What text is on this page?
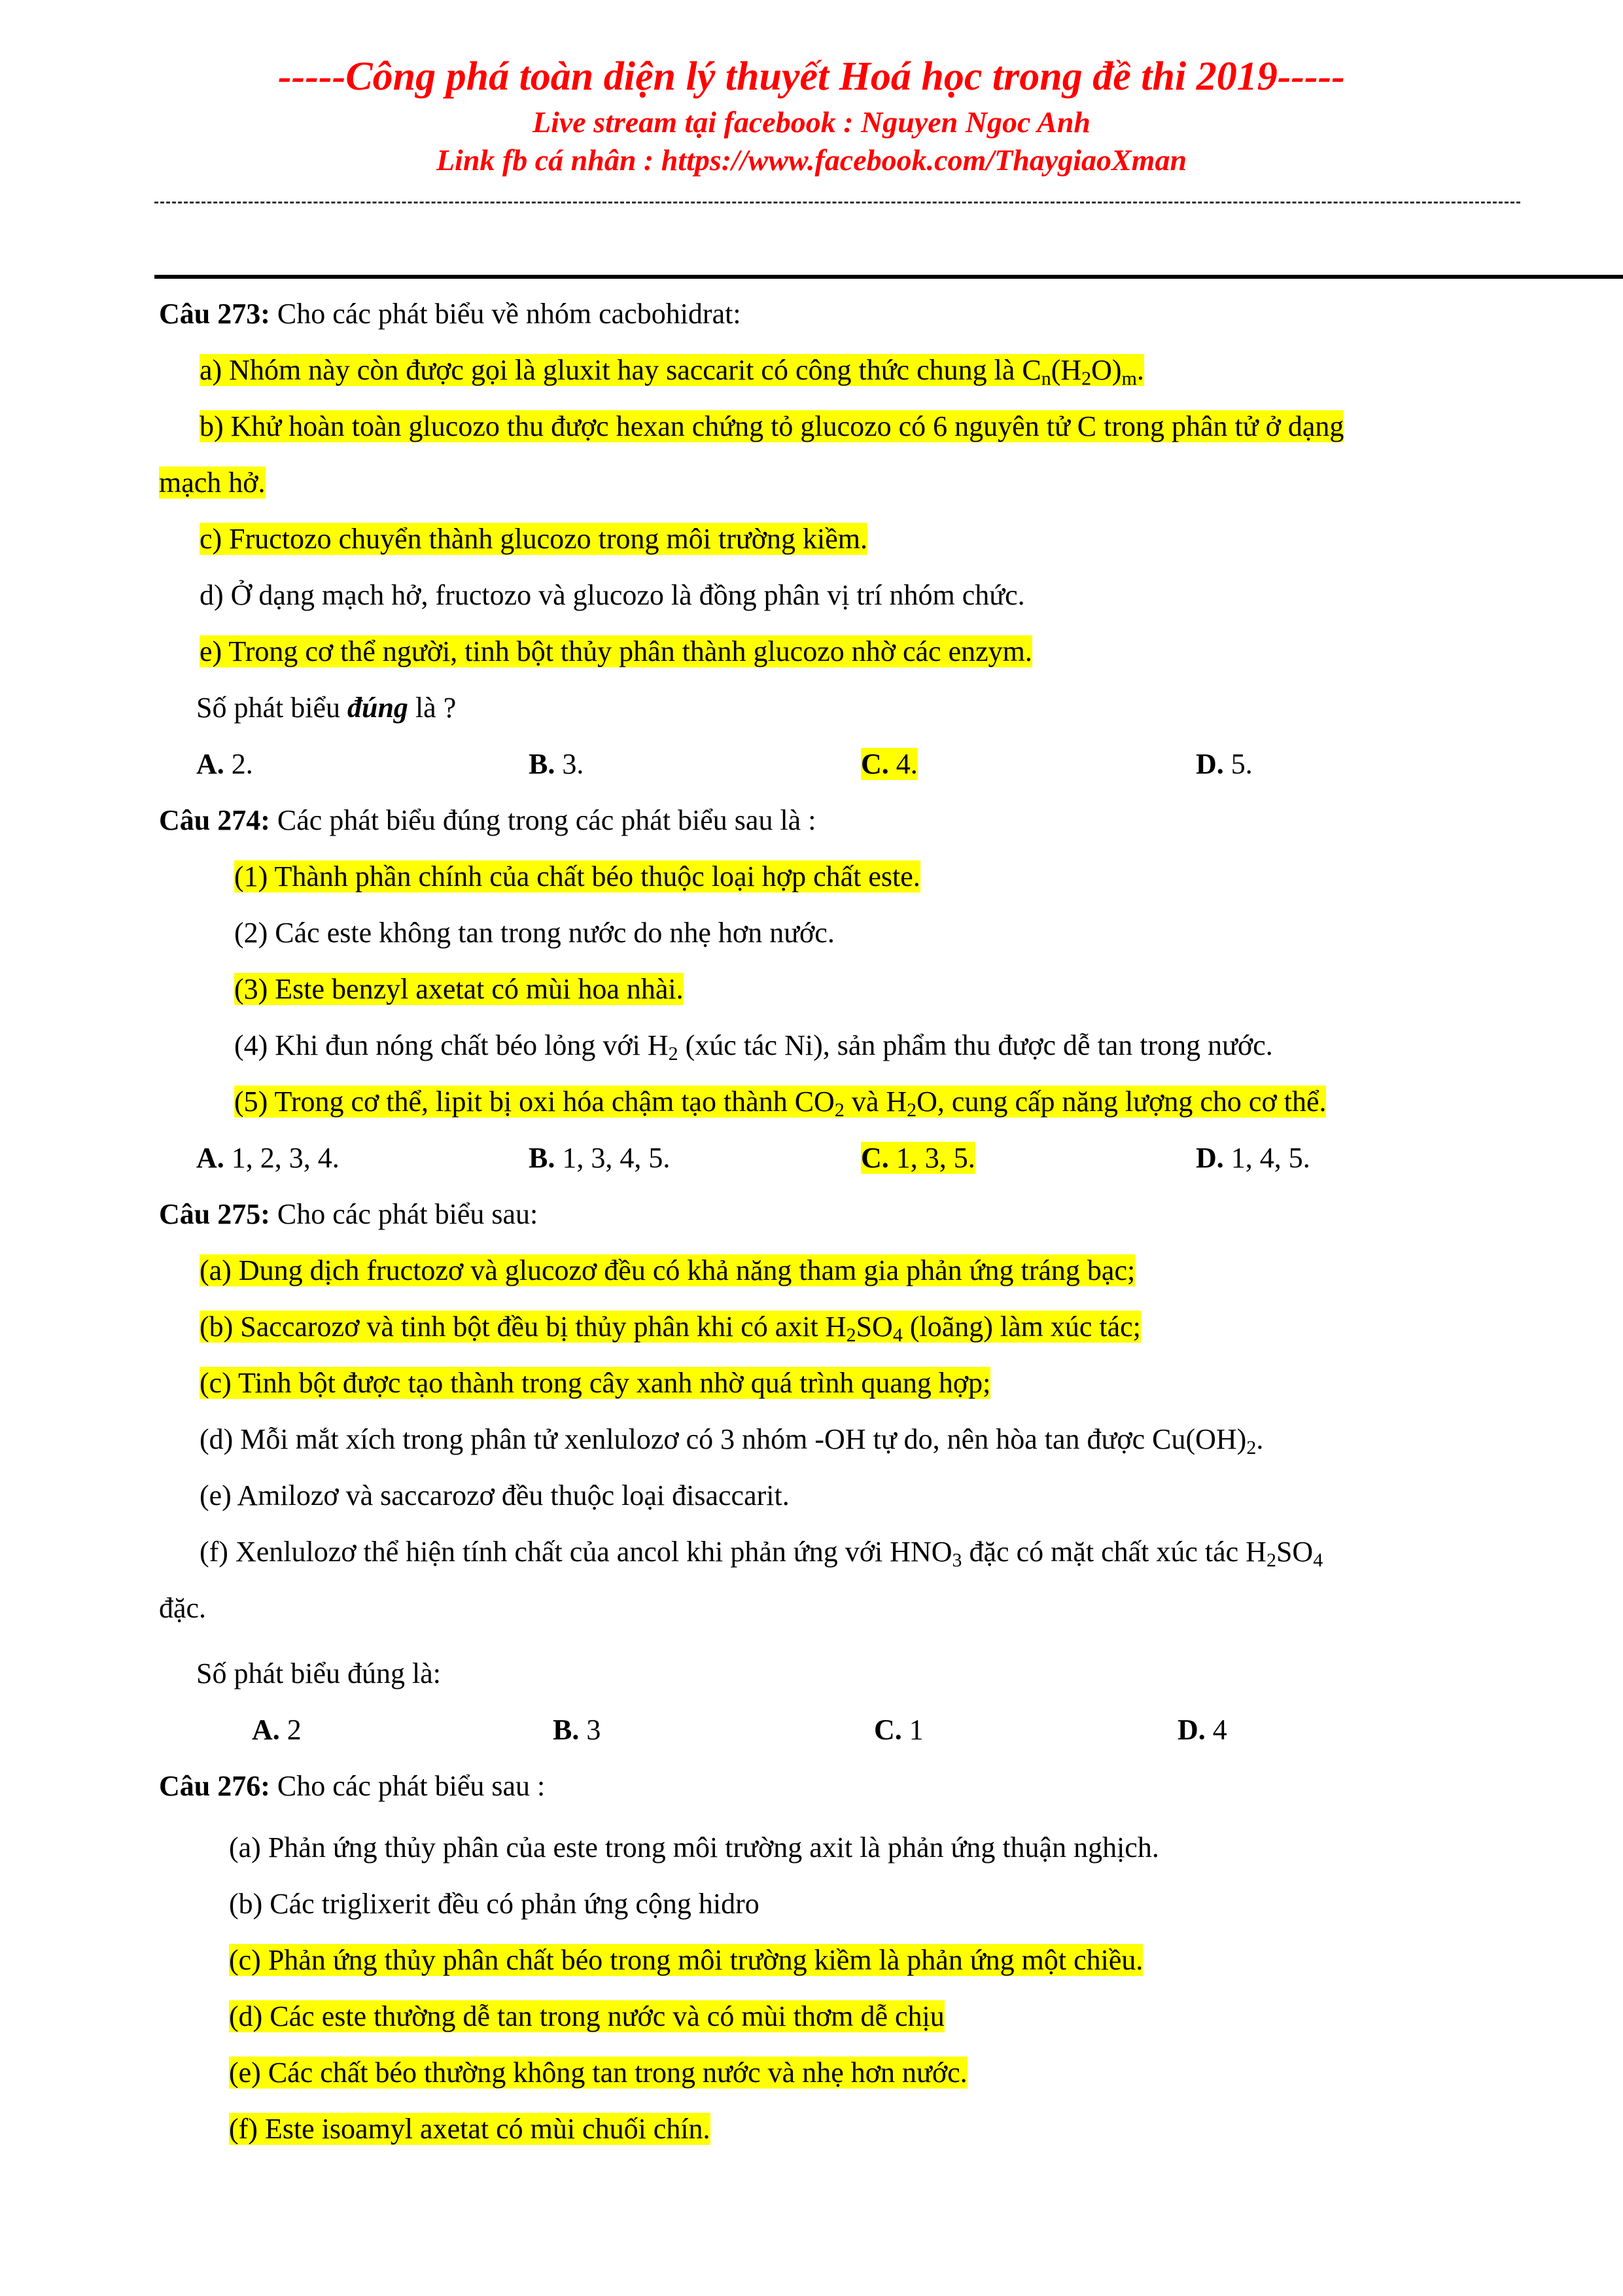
-----Công phá toàn diện lý thuyết Hoá học trong đề thi 2019-----
Live stream tại facebook : Nguyen Ngoc Anh
Link fb cá nhân : https://www.facebook.com/ThaygiaoXman
Câu 273: Cho các phát biểu về nhóm cacbohidrat:
a) Nhóm này còn được gọi là gluxit hay saccarit có công thức chung là $C_n(H_2O)_m$.
b) Khử hoàn toàn glucozo thu được hexan chứng tỏ glucozo có 6 nguyên tử C trong phân tử ở dạng
mạch hở.
c) Fructozo chuyển thành glucozo trong môi trường kiềm.
d) Ở dạng mạch hở, fructozo và glucozo là đồng phân vị trí nhóm chức.
e) Trong cơ thể người, tinh bột thủy phân thành glucozo nhờ các enzym.
Số phát biểu đúng là ?
A. 2.	B. 3.	C. 4.	D. 5.
Câu 274: Các phát biểu đúng trong các phát biểu sau là :
(1) Thành phần chính của chất béo thuộc loại hợp chất este.
(2) Các este không tan trong nước do nhẹ hơn nước.
(3) Este benzyl axetat có mùi hoa nhài.
(4) Khi đun nóng chất béo lỏng với $H_2$ (xúc tác Ni), sản phẩm thu được dễ tan trong nước.
(5) Trong cơ thể, lipit bị oxi hóa chậm tạo thành $CO_2$ và $H_2O$, cung cấp năng lượng cho cơ thể.
A. 1, 2, 3, 4.	B. 1, 3, 4, 5.	C. 1, 3, 5.	D. 1, 4, 5.
Câu 275: Cho các phát biểu sau:
(a) Dung dịch fructozơ và glucozơ đều có khả năng tham gia phản ứng tráng bạc;
(b) Saccarozơ và tinh bột đều bị thủy phân khi có axit $H_2SO_4$ (loãng) làm xúc tác;
(c) Tinh bột được tạo thành trong cây xanh nhờ quá trình quang hợp;
(d) Mỗi mắt xích trong phân tử xenlulozơ có 3 nhóm -OH tự do, nên hòa tan được $Cu(OH)_2$.
(e) Amilozơ và saccarozơ đều thuộc loại đisaccarit.
(f) Xenlulozơ thể hiện tính chất của ancol khi phản ứng với $HNO_3$ đặc có mặt chất xúc tác $H_2SO_4$
đặc.
Số phát biểu đúng là:
A. 2	B. 3	C. 1	D. 4
Câu 276: Cho các phát biểu sau :
(a) Phản ứng thủy phân của este trong môi trường axit là phản ứng thuận nghịch.
(b) Các triglixerit đều có phản ứng cộng hidro
(c) Phản ứng thủy phân chất béo trong môi trường kiềm là phản ứng một chiều.
(d) Các este thường dễ tan trong nước và có mùi thơm dễ chịu
(e) Các chất béo thường không tan trong nước và nhẹ hơn nước.
(f) Este isoamyl axetat có mùi chuối chín.
